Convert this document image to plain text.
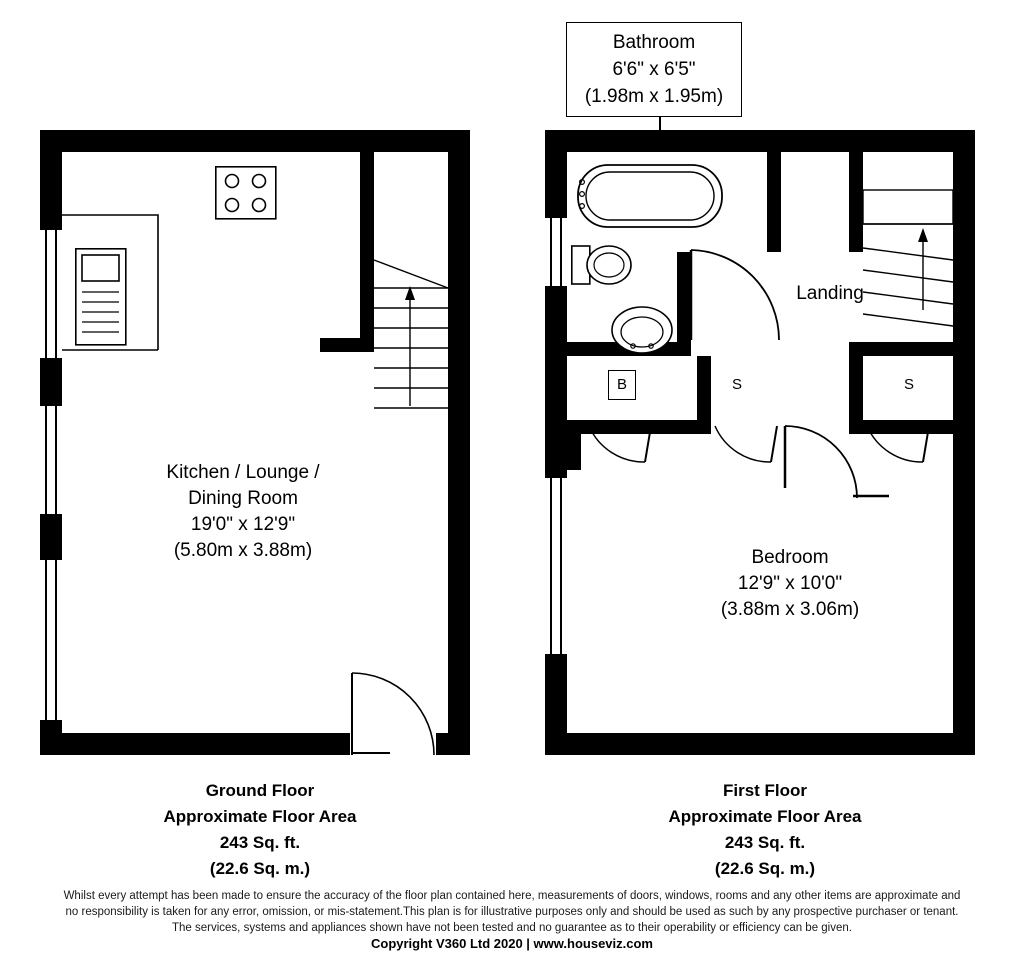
Bathroom
6'6" x 6'5"
(1.98m x 1.95m)
Kitchen / Lounge /
Dining Room
19'0" x 12'9"
(5.80m x 3.88m)
Ground Floor
Approximate Floor Area
243 Sq. ft.
(22.6 Sq. m.)
B	S	S
Landing
Bedroom
12'9" x 10'0"
(3.88m x 3.06m)
First Floor
Approximate Floor Area
243 Sq. ft.
(22.6 Sq. m.)
Whilst every attempt has been made to ensure the accuracy of the floor plan contained here, measurements of doors, windows, rooms and any other items are approximate and
no responsibility is taken for any error, omission, or mis-statement.This plan is for illustrative purposes only and should be used as such by any prospective purchaser or tenant.
The services, systems and appliances shown have not been tested and no guarantee as to their operability or efficiency can be given.
Copyright V360 Ltd 2020 | www.houseviz.com
